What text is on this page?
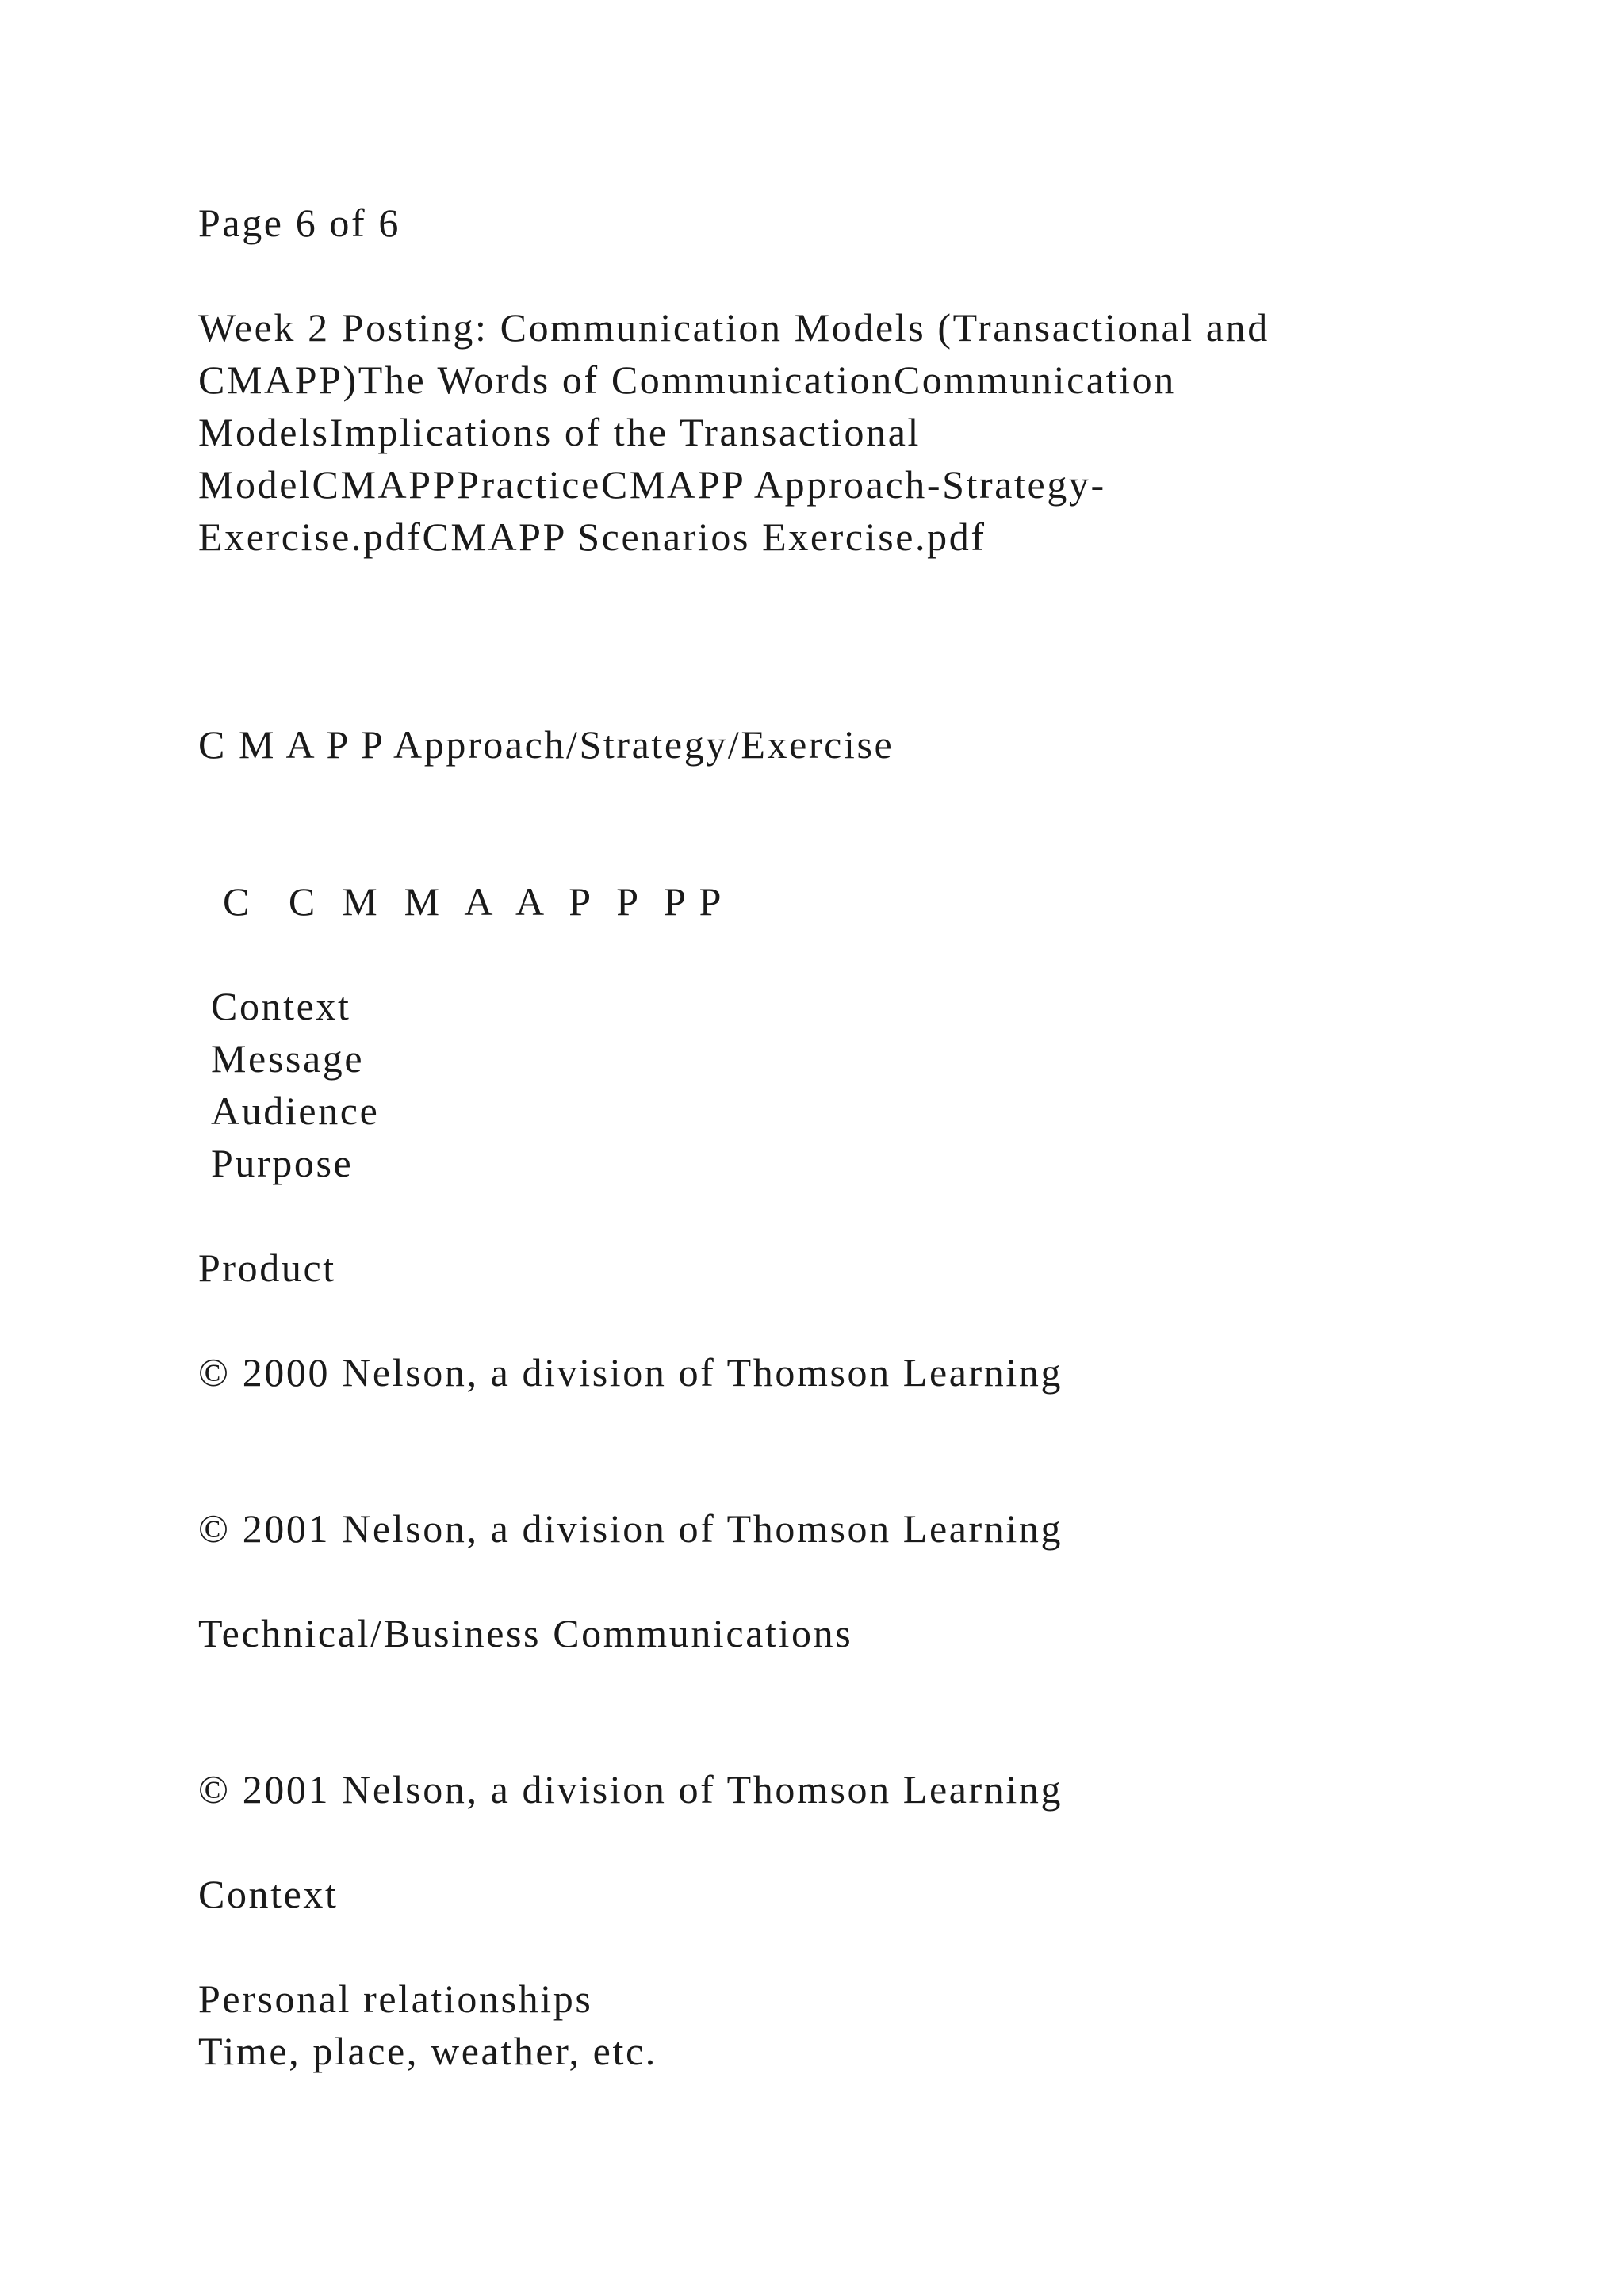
Page 6 of 6

Week 2 Posting: Communication Models (Transactional and

CMAPP)The Words of CommunicationCommunication

ModelsImplications of the Transactional

ModelCMAPPPracticeCMAPP Approach-Strategy-

Exercise.pdfCMAPP Scenarios Exercise.pdf

C M A P P Approach/Strategy/Exercise

C   C  M  M  A  A  P  P  P P

Context

Message

Audience

Purpose

Product

© 2000 Nelson, a division of Thomson Learning

© 2001 Nelson, a division of Thomson Learning

Technical/Business Communications

© 2001 Nelson, a division of Thomson Learning

Context

Personal relationships

Time, place, weather, etc.
